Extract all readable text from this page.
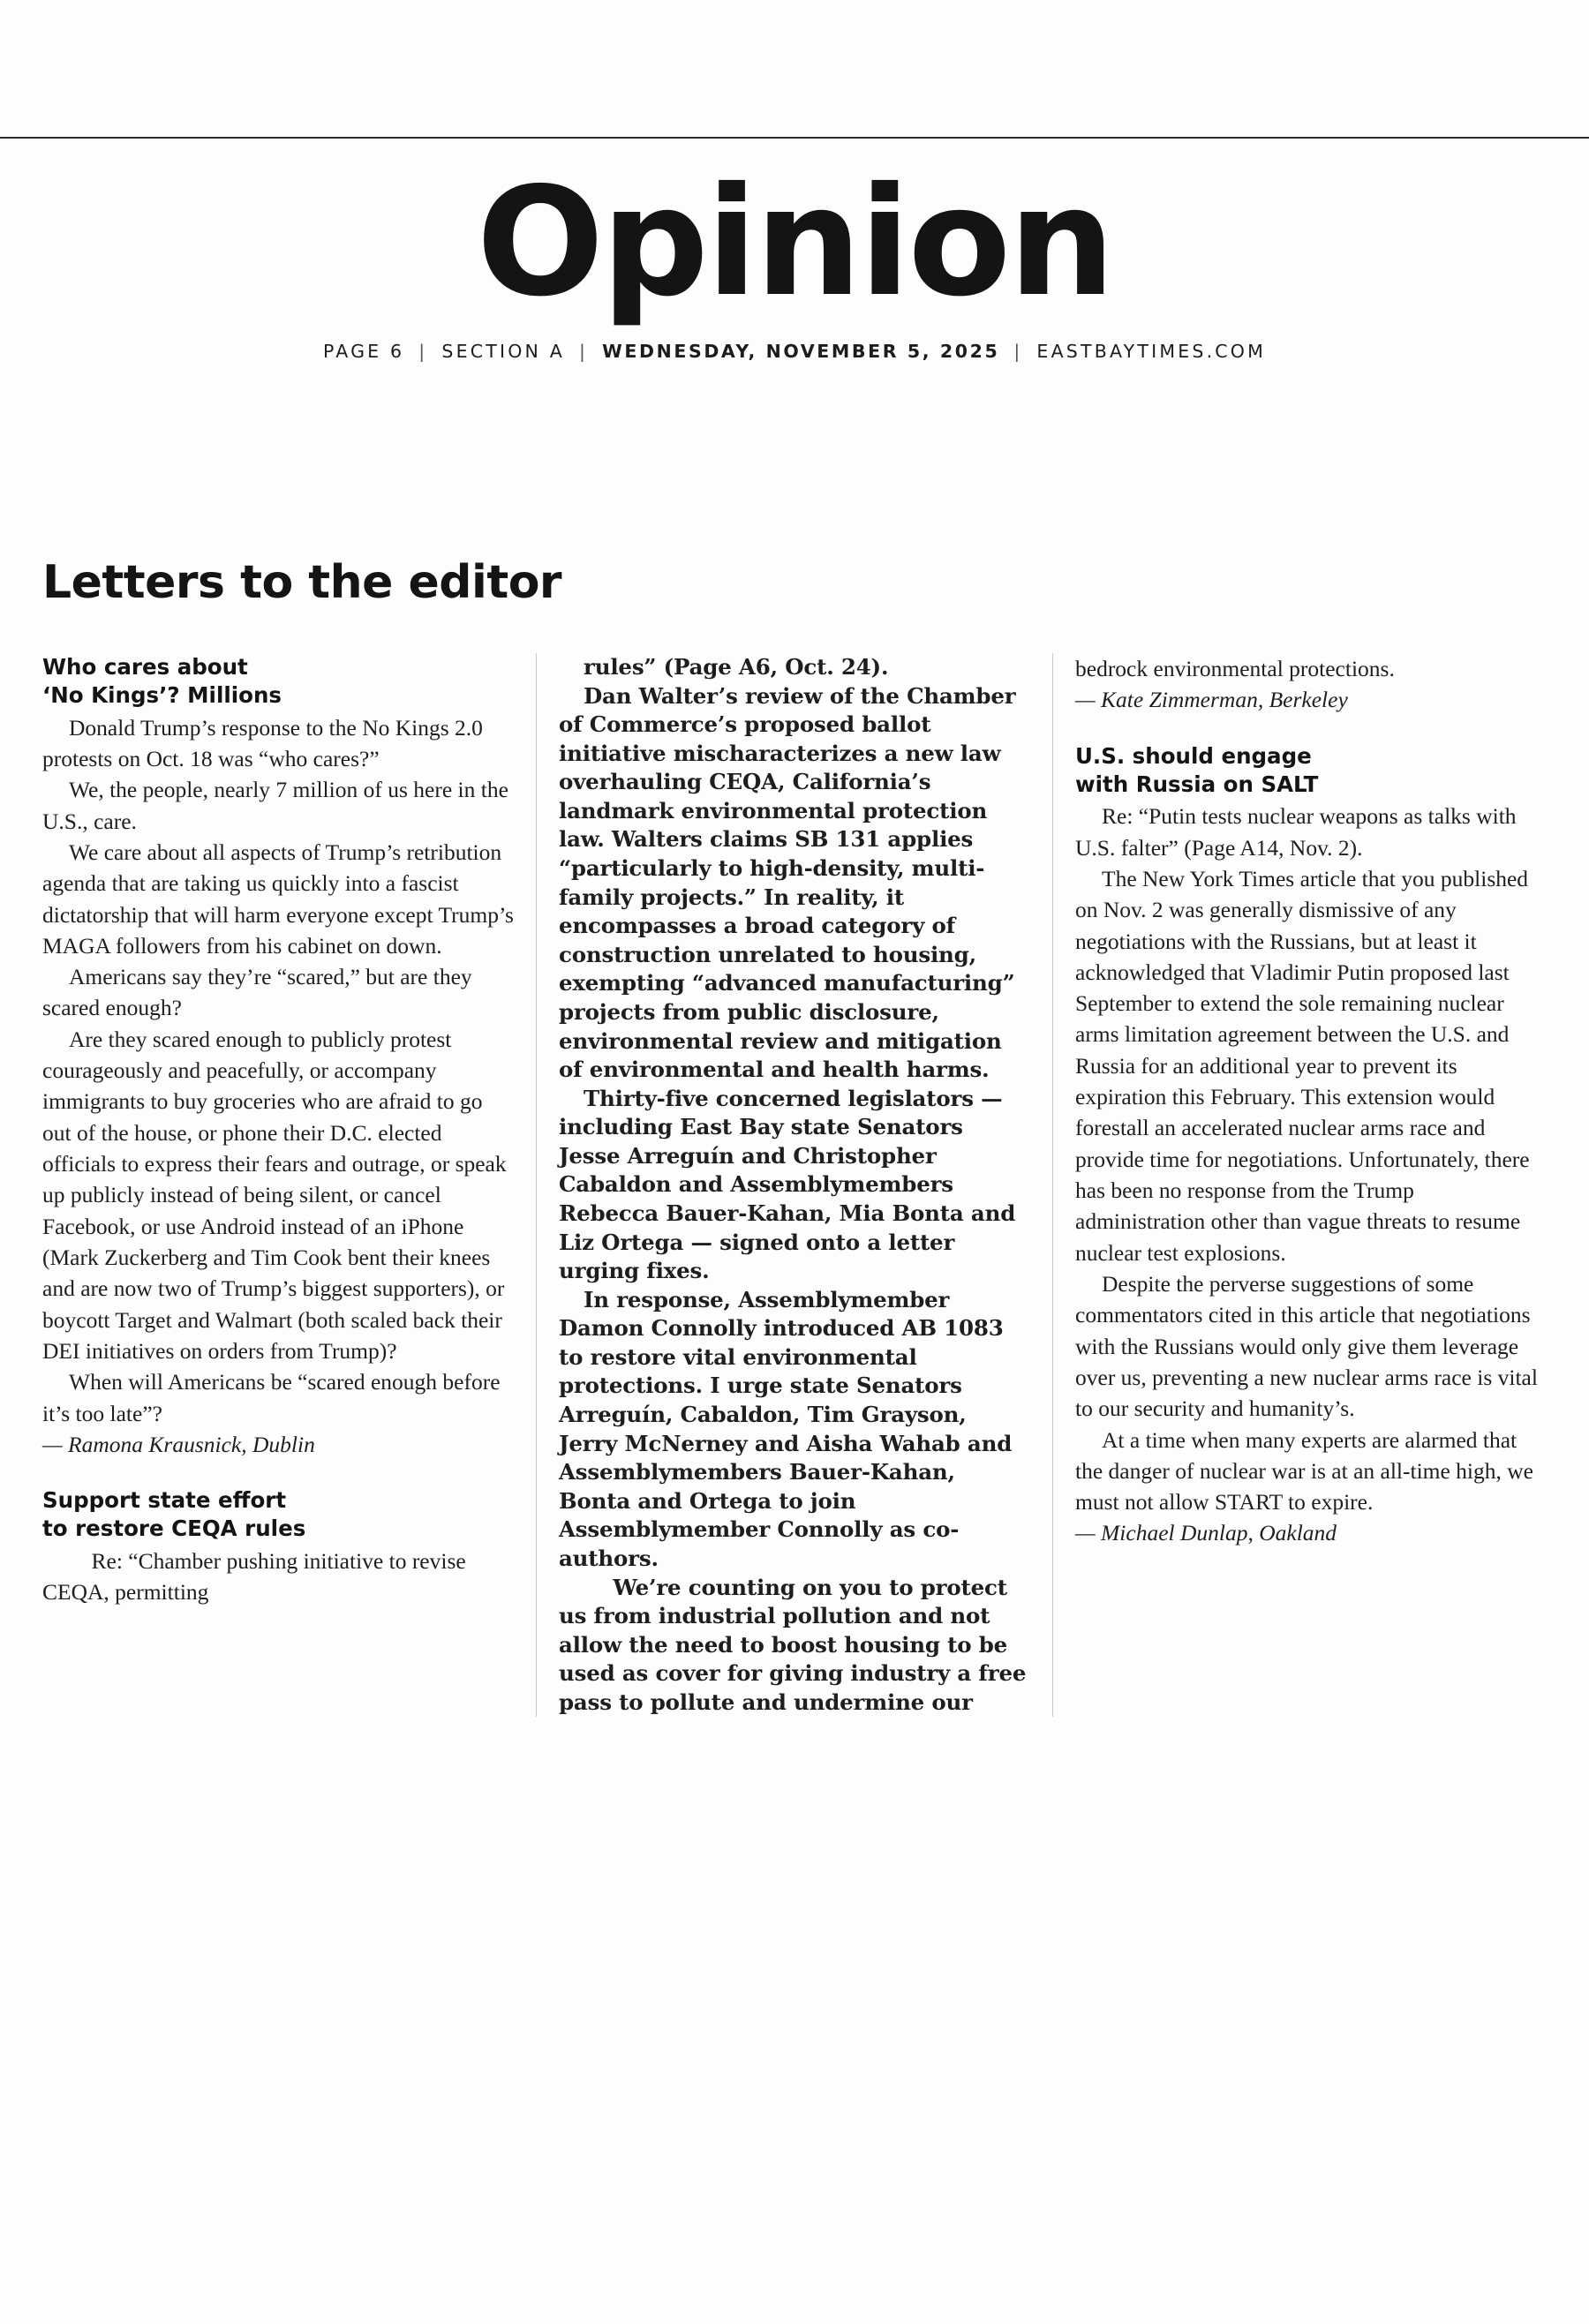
Opinion
PAGE 6 | SECTION A | WEDNESDAY, NOVEMBER 5, 2025 | EASTBAYTIMES.COM
Letters to the editor
Who cares about
‘No Kings’? Millions

Donald Trump’s response to the No Kings 2.0 protests on Oct. 18 was “who cares?”

We, the people, nearly 7 million of us here in the U.S., care.

We care about all aspects of Trump’s retribution agenda that are taking us quickly into a fascist dictatorship that will harm everyone except Trump’s MAGA followers from his cabinet on down.

Americans say they’re “scared,” but are they scared enough?

Are they scared enough to publicly protest courageously and peacefully, or accompany immigrants to buy groceries who are afraid to go out of the house, or phone their D.C. elected officials to express their fears and outrage, or speak up publicly instead of being silent, or cancel Facebook, or use Android instead of an iPhone (Mark Zuckerberg and Tim Cook bent their knees and are now two of Trump’s biggest supporters), or boycott Target and Walmart (both scaled back their DEI initiatives on orders from Trump)?

When will Americans be “scared enough before it’s too late”?

— Ramona Krausnick, Dublin

Support state effort
to restore CEQA rules

Re: “Chamber pushing initiative to revise CEQA, permitting

rules” (Page A6, Oct. 24).

Dan Walter’s review of the Chamber of Commerce’s proposed ballot initiative mischaracterizes a new law overhauling CEQA, California’s landmark environmental protection law. Walters claims SB 131 applies “particularly to high-density, multi-family projects.” In reality, it encompasses a broad category of construction unrelated to housing, exempting “advanced manufacturing” projects from public disclosure, environmental review and mitigation of environmental and health harms.

Thirty-five concerned legislators — including East Bay state Senators Jesse Arreguín and Christopher Cabaldon and Assemblymembers Rebecca Bauer-Kahan, Mia Bonta and Liz Ortega — signed onto a letter urging fixes.

In response, Assemblymember Damon Connolly introduced AB 1083 to restore vital environmental protections. I urge state Senators Arreguín, Cabaldon, Tim Grayson, Jerry McNerney and Aisha Wahab and Assemblymembers Bauer-Kahan, Bonta and Ortega to join Assemblymember Connolly as co-authors.

We’re counting on you to protect us from industrial pollution and not allow the need to boost housing to be used as cover for giving industry a free pass to pollute and undermine our

bedrock environmental protections.

— Kate Zimmerman, Berkeley

U.S. should engage
with Russia on SALT

Re: “Putin tests nuclear weapons as talks with U.S. falter” (Page A14, Nov. 2).

The New York Times article that you published on Nov. 2 was generally dismissive of any negotiations with the Russians, but at least it acknowledged that Vladimir Putin proposed last September to extend the sole remaining nuclear arms limitation agreement between the U.S. and Russia for an additional year to prevent its expiration this February. This extension would forestall an accelerated nuclear arms race and provide time for negotiations. Unfortunately, there has been no response from the Trump administration other than vague threats to resume nuclear test explosions.

Despite the perverse suggestions of some commentators cited in this article that negotiations with the Russians would only give them leverage over us, preventing a new nuclear arms race is vital to our security and humanity’s.

At a time when many experts are alarmed that the danger of nuclear war is at an all-time high, we must not allow START to expire.

— Michael Dunlap, Oakland
